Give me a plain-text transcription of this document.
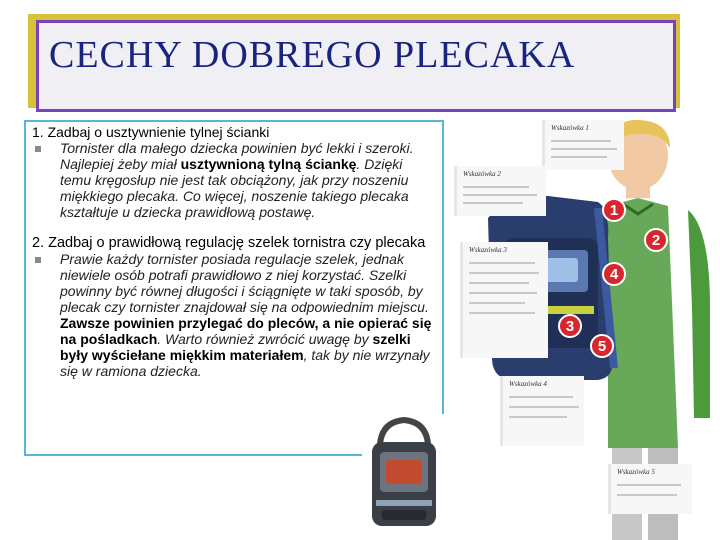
CECHY DOBREGO PLECAKA
1. Zadbaj o usztywnienie tylnej ścianki
Tornister dla małego dziecka powinien być lekki i szeroki. Najlepiej żeby miał usztywnioną tylną ściankę. Dzięki temu kręgosłup nie jest tak obciążony, jak przy noszeniu miękkiego plecaka. Co więcej, noszenie takiego plecaka kształtuje u dziecka prawidłową postawę.
2. Zadbaj o prawidłową regulację szelek tornistra czy plecaka
Prawie każdy tornister posiada regulacje szelek, jednak niewiele osób potrafi prawidłowo z niej korzystać. Szelki powinny być równej długości i ściągnięte w taki sposób, by plecak czy tornister znajdował się na odpowiednim miejscu. Zawsze powinien przylegać do pleców, a nie opierać się na pośladkach. Warto również zwrócić uwagę by szelki były wyściełane miękkim materiałem, tak by nie wrzynały się w ramiona dziecka.
Wskazówka 1
Wskazówka 2
Wskazówka 3
Wskazówka 4
Wskazówka 5
1
2
3
4
5
